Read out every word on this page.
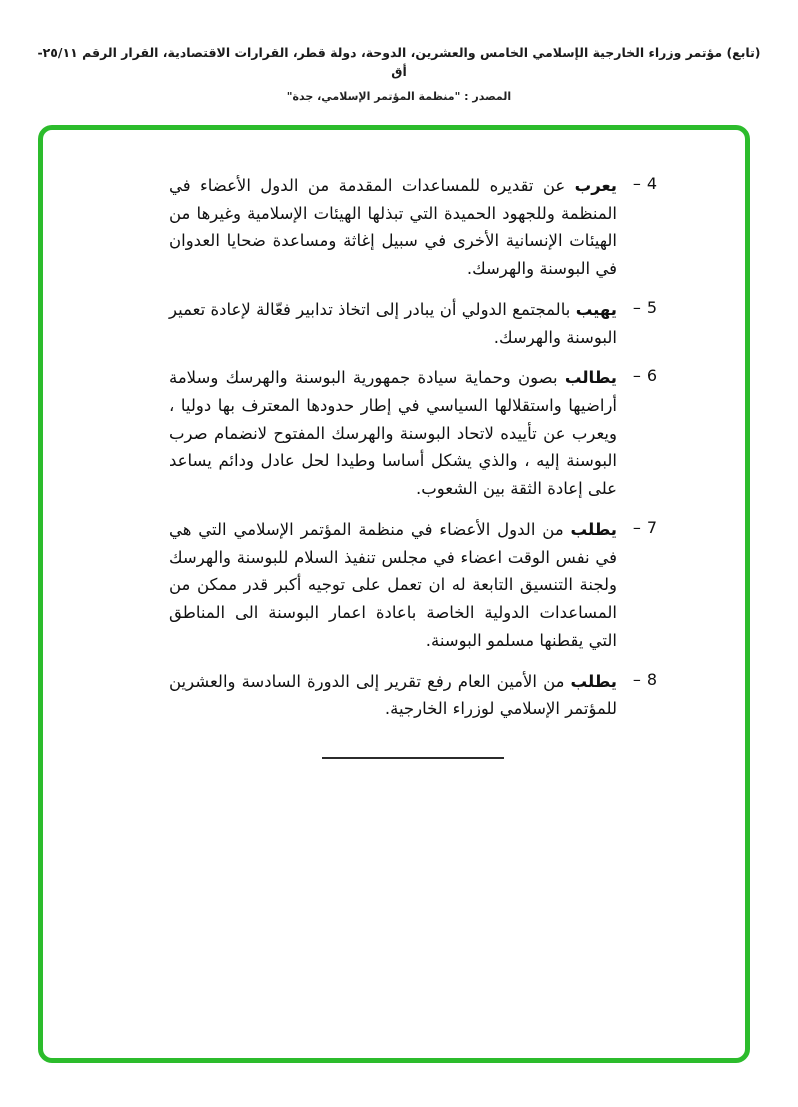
(تابع) مؤتمر وزراء الخارجية الإسلامي الخامس والعشرين، الدوحة، دولة قطر، القرارات الاقتصادية، القرار الرقم ٢٥/١١-أق
المصدر : "منظمة المؤتمر الإسلامي، جدة"
4
–

يعرب عن تقديره للمساعدات المقدمة من الدول الأعضاء في المنظمة وللجهود الحميدة التي تبذلها الهيئات الإسلامية وغيرها من الهيئات الإنسانية الأخرى في سبيل إغاثة ومساعدة ضحايا العدوان في البوسنة والهرسك.

5
–

يهيب بالمجتمع الدولي أن يبادر إلى اتخاذ تدابير فعّالة لإعادة تعمير البوسنة والهرسك.

6
–

يطالب بصون وحماية سيادة جمهورية البوسنة والهرسك وسلامة أراضيها واستقلالها السياسي في إطار حدودها المعترف بها دوليا ، ويعرب عن تأييده لاتحاد البوسنة والهرسك المفتوح لانضمام صرب البوسنة إليه ، والذي يشكل أساسا وطيدا لحل عادل ودائم يساعد على إعادة الثقة بين الشعوب.

7
–

يطلب من الدول الأعضاء في منظمة المؤتمر الإسلامي التي هي في نفس الوقت اعضاء في مجلس تنفيذ السلام للبوسنة والهرسك ولجنة التنسيق التابعة له ان تعمل على توجيه أكبر قدر ممكن من المساعدات الدولية الخاصة باعادة اعمار البوسنة الى المناطق التي يقطنها مسلمو البوسنة.

8
–

يطلب من الأمين العام رفع تقرير إلى الدورة السادسة والعشرين للمؤتمر الإسلامي لوزراء الخارجية.
